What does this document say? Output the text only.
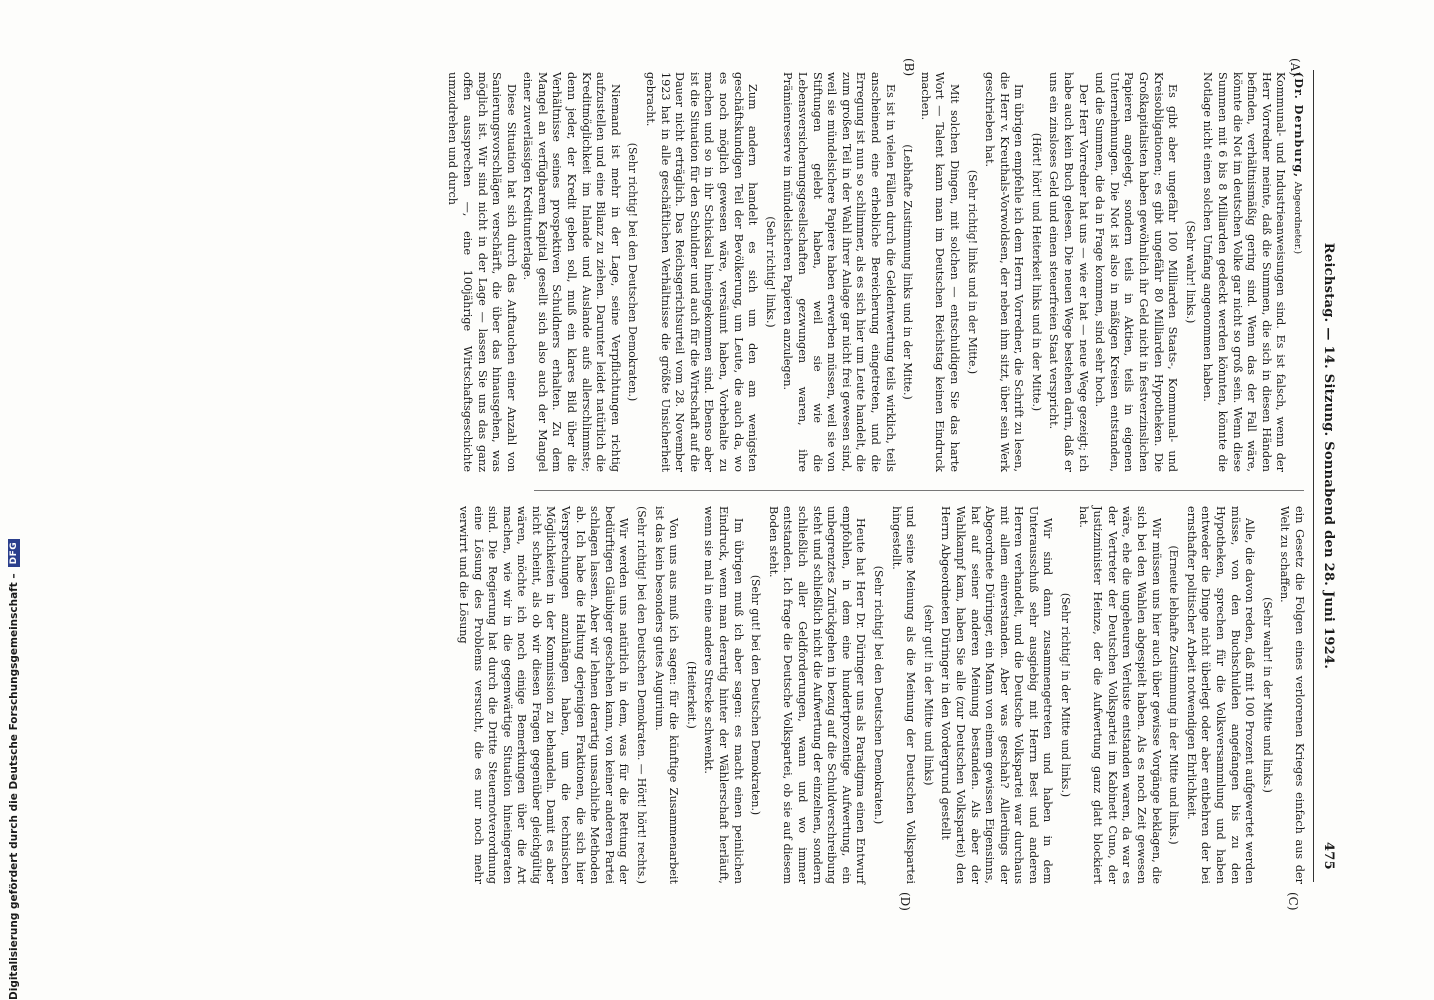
Reichstag. — 14. Sitzung. Sonnabend den 28. Juni 1924.
475
(A)
(B)
(C)
(D)

(Dr. Dernburg, Abgeordneter.)

Kommunal- und Industrieanweisungen sind. Es ist falsch, wenn der Herr Vorredner meinte, daß die Summen, die sich in diesen Händen befinden, verhältnismäßig gering sind. Wenn das der Fall wäre, könnte die Not im deutschen Volke gar nicht so groß sein. Wenn diese Summen mit 6 bis 8 Milliarden gedeckt werden könnten, könnte die Notlage nicht einen solchen Umfang angenommen haben.

(Sehr wahr! links.)

Es gibt aber ungefähr 100 Milliarden Staats-, Kommunal- und Kreisobligationen; es gibt ungefähr 80 Milliarden Hypotheken. Die Großkapitalisten haben gewöhnlich ihr Geld nicht in festverzinslichen Papieren angelegt, sondern teils in Aktien, teils in eigenen Unternehmungen. Die Not ist also in mäßigen Kreisen entstanden, und die Summen, die da in Frage kommen, sind sehr hoch.

Der Herr Vorredner hat uns — wie er hat — neue Wege gezeigt; ich habe auch kein Buch gelesen. Die neuen Wege bestehen darin, daß er uns ein zinsloses Geld und einen steuerfreien Staat verspricht.

(Hört! hört! und Heiterkeit links und in der Mitte.)

Im übrigen empfehle ich dem Herrn Vorredner, die Schrift zu lesen, die Herr v. Kreuthals-Vorwoldsen, der neben ihm sitzt, über sein Werk geschrieben hat.

(Sehr richtig! links und in der Mitte.)

Mit solchen Dingen, mit solchen — entschuldigen Sie das harte Wort — Talent kann man im Deutschen Reichstag keinen Eindruck machen.

(Lebhafte Zustimmung links und in der Mitte.)

Es ist in vielen Fällen durch die Geldentwertung teils wirklich, teils anscheinend eine erhebliche Bereicherung eingetreten, und die Erregung ist nun so schlimmer, als es sich hier um Leute handelt, die zum großen Teil in der Wahl ihrer Anlage gar nicht frei gewesen sind, weil sie mündelsichere Papiere haben erwerben müssen, weil sie von Stiftungen gelebt haben, weil sie wie die Lebensversicherungsgesellschaften gezwungen waren, ihre Prämienreserve in mündelsicheren Papieren anzulegen.

(Sehr richtig! links.)

Zum andern handelt es sich um den am wenigsten geschäftskundigen Teil der Bevölkerung, um Leute, die auch da, wo es noch möglich gewesen wäre, versäumt haben, Vorbehalte zu machen und so in ihr Schicksal hineingekommen sind. Ebenso aber ist die Situation für den Schuldner und auch für die Wirtschaft auf die Dauer nicht erträglich. Das Reichsgerichtsurteil vom 28. November 1923 hat in alle geschäftlichen Verhältnisse die größte Unsicherheit gebracht.

(Sehr richtig! bei den Deutschen Demokraten.)

Niemand ist mehr in der Lage, seine Verpflichtungen richtig aufzustellen und eine Bilanz zu ziehen. Darunter leidet natürlich die Kreditmöglichkeit im Inlande und Auslande aufs allerschlimmste; denn jeder, der Kredit geben soll, muß ein klares Bild über die Verhältnisse seines prospektiven Schuldners erhalten. Zu dem Mangel an verfügbarem Kapital gesellt sich also auch der Mangel einer zuverlässigen Kreditunterlage.

Diese Situation hat sich durch das Auftauchen einer Anzahl von Sanierungsvorschlägen verschärft, die über das hinausgehen, was möglich ist. Wir sind nicht in der Lage — lassen Sie uns das ganz offen aussprechen —, eine 100jährige Wirtschaftsgeschichte umzudrehen und durch

ein Gesetz die Folgen eines verlorenen Krieges einfach aus der Welt zu schaffen.

(Sehr wahr! in der Mitte und links.)

Alle, die davon reden, daß mit 100 Prozent aufgewertet werden müsse, von den Buchschulden angefangen bis zu den Hypotheken, sprechen für die Volksversammlung und haben entweder die Dinge nicht überlegt oder aber entbehren der bei ernsthafter politischer Arbeit notwendigen Ehrlichkeit.

(Erneute lebhafte Zustimmung in der Mitte und links.)

Wir müssen uns hier auch über gewisse Vorgänge beklagen, die sich bei den Wahlen abgespielt haben. Als es noch Zeit gewesen wäre, ehe die ungeheuren Verluste entstanden waren, da war es der Vertreter der Deutschen Volkspartei im Kabinett Cuno, der Justizminister Heinze, der die Aufwertung ganz glatt blockiert hat.

(Sehr richtig! in der Mitte und links.)

Wir sind dann zusammengetreten und haben in dem Unterausschuß sehr ausgiebig mit Herrn Best und anderen Herren verhandelt, und die Deutsche Volkspartei war durchaus mit allem einverstanden. Aber was geschah? Allerdings der Abgeordnete Düringer, ein Mann von einem gewissen Eigensinns, hat auf seiner anderen Meinung bestanden. Als aber der Wahlkampf kam, haben Sie alle (zur Deutschen Volkspartei) den Herrn Abgeordneten Düringer in den Vordergrund gestellt

(sehr gut! in der Mitte und links)

und seine Meinung als die Meinung der Deutschen Volkspartei hingestellt.

(Sehr richtig! bei den Deutschen Demokraten.)

Heute hat Herr Dr. Düringer uns als Paradigma einen Entwurf empfohlen, in dem eine hundertprozentige Aufwertung, ein unbegrenztes Zurückgehen in bezug auf die Schuldverschreibung steht und schließlich nicht die Aufwertung der einzelnen, sondern schließlich aller Geldforderungen, wann und wo immer entstanden. Ich frage die Deutsche Volkspartei, ob sie auf diesem Boden steht.

(Sehr gut! bei den Deutschen Demokraten.)

Im übrigen muß ich aber sagen: es macht einen peinlichen Eindruck, wenn man derartig hinter der Wählerschaft herläuft, wenn sie mal in eine andere Strecke schwenkt.

(Heiterkeit.)

Von uns aus muß ich sagen: für die künftige Zusammenarbeit ist das kein besonders gutes Augurium.

(Sehr richtig! bei den Deutschen Demokraten. — Hört! hört! rechts.)

Wir werden uns natürlich in dem, was für die Rettung der bedürftigen Gläubiger geschehen kann, von keiner anderen Partei schlagen lassen. Aber wir lehnen derartig unsachliche Methoden ab. Ich habe die Haltung derjenigen Fraktionen, die sich hier Versprechungen anzuhängen haben, um die technischen Möglichkeiten in der Kommission zu behandeln. Damit es aber nicht scheint, als ob wir diesen Fragen gegenüber gleichgültig wären, möchte ich noch einige Bemerkungen über die Art machen, wie wir in die gegenwärtige Situation hineingeraten sind. Die Regierung hat durch die Dritte Steuernotverordnung eine Lösung des Problems versucht, die es nur noch mehr verwirrt und die Lösung

Digitalisierung gefördert durch die Deutsche Forschungsgemeinschaft –
DFG
